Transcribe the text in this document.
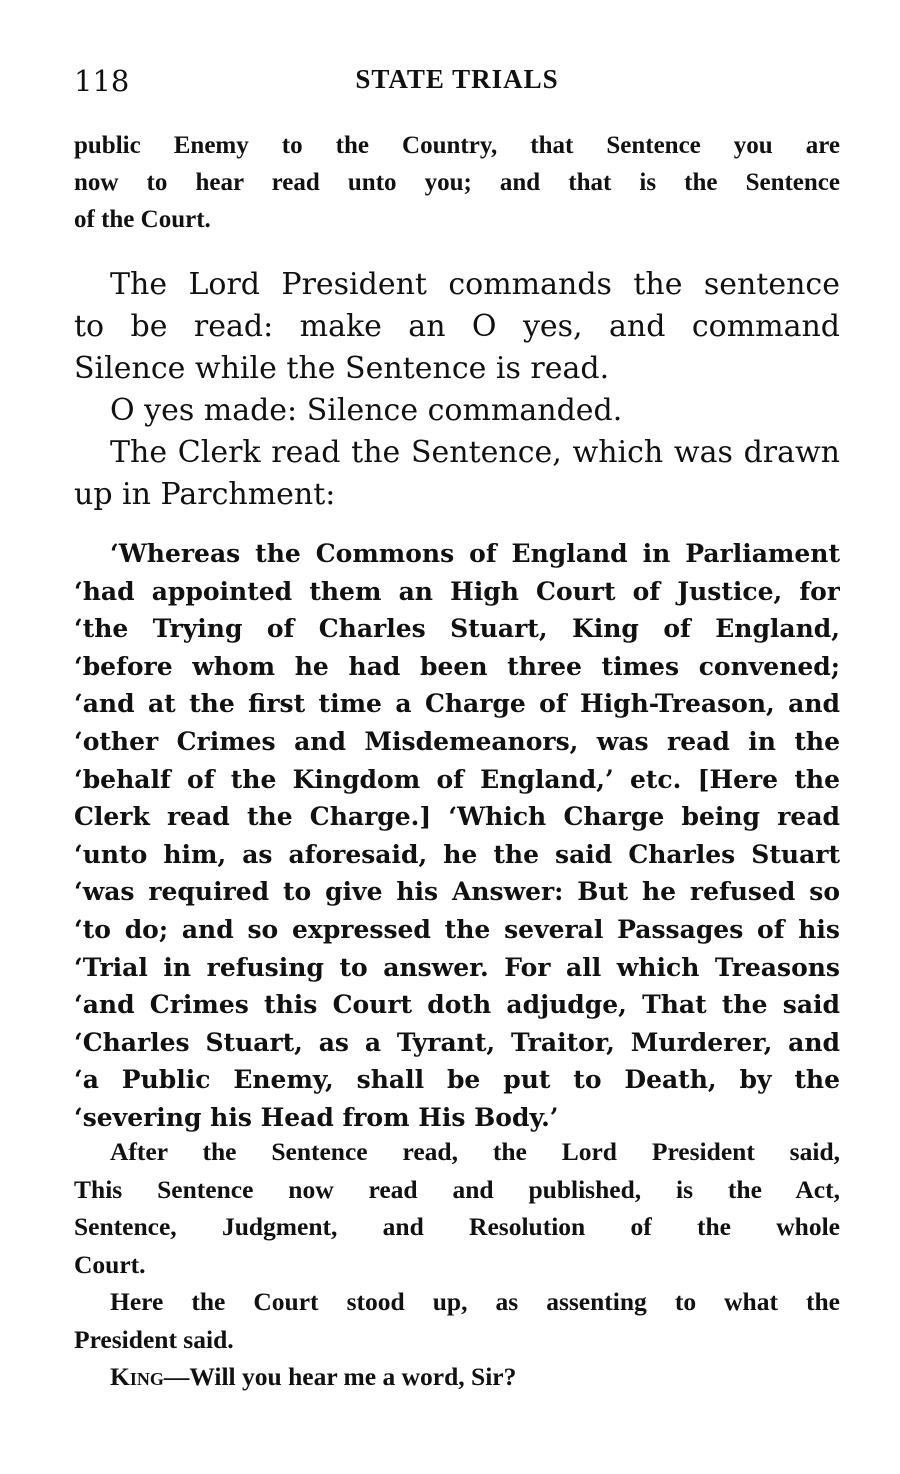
118	STATE TRIALS
public Enemy to the Country, that Sentence you are
now to hear read unto you; and that is the Sentence
of the Court.
The Lord President commands the sentence
to be read: make an O yes, and command
Silence while the Sentence is read.
O yes made: Silence commanded.
The Clerk read the Sentence, which was drawn
up in Parchment:
‘Whereas the Commons of England in Parliament
‘had appointed them an High Court of Justice, for
‘the Trying of Charles Stuart, King of England,
‘before whom he had been three times convened;
‘and at the first time a Charge of High-Treason, and
‘other Crimes and Misdemeanors, was read in the
‘behalf of the Kingdom of England,’ etc. [Here the
Clerk read the Charge.] ‘Which Charge being read
‘unto him, as aforesaid, he the said Charles Stuart
‘was required to give his Answer: But he refused so
‘to do; and so expressed the several Passages of his
‘Trial in refusing to answer. For all which Treasons
‘and Crimes this Court doth adjudge, That the said
‘Charles Stuart, as a Tyrant, Traitor, Murderer, and
‘a Public Enemy, shall be put to Death, by the
‘severing his Head from His Body.’
After the Sentence read, the Lord President said,
This Sentence now read and published, is the Act,
Sentence, Judgment, and Resolution of the whole
Court.
Here the Court stood up, as assenting to what the
President said.
King—Will you hear me a word, Sir?
